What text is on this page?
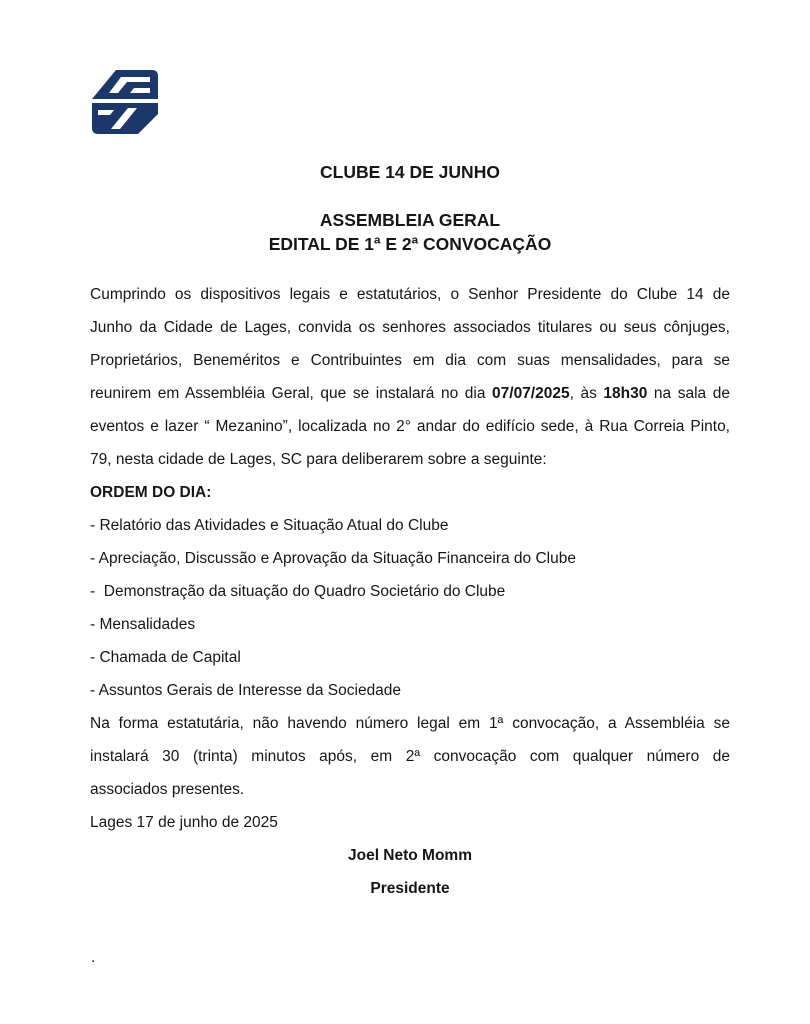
CLUBE 14 DE JUNHO
ASSEMBLEIA GERAL
EDITAL DE 1ª E 2ª CONVOCAÇÃO
Cumprindo os dispositivos legais e estatutários, o Senhor Presidente do Clube 14 de
Junho da Cidade de Lages, convida os senhores associados titulares ou seus cônjuges,
Proprietários, Beneméritos e Contribuintes em dia com suas mensalidades, para se
reunirem em Assembléia Geral, que se instalará no dia 07/07/2025, às 18h30 na sala de
eventos e lazer “ Mezanino”, localizada no 2° andar do edifício sede, à Rua Correia Pinto,
79, nesta cidade de Lages, SC para deliberarem sobre a seguinte:
ORDEM DO DIA:
- Relatório das Atividades e Situação Atual do Clube
- Apreciação, Discussão e Aprovação da Situação Financeira do Clube
-  Demonstração da situação do Quadro Societário do Clube
- Mensalidades
- Chamada de Capital
- Assuntos Gerais de Interesse da Sociedade
Na forma estatutária, não havendo número legal em 1ª convocação, a Assembléia se
instalará 30 (trinta) minutos após, em 2ª convocação com qualquer número de
associados presentes.
Lages 17 de junho de 2025
Joel Neto Momm
Presidente
.
